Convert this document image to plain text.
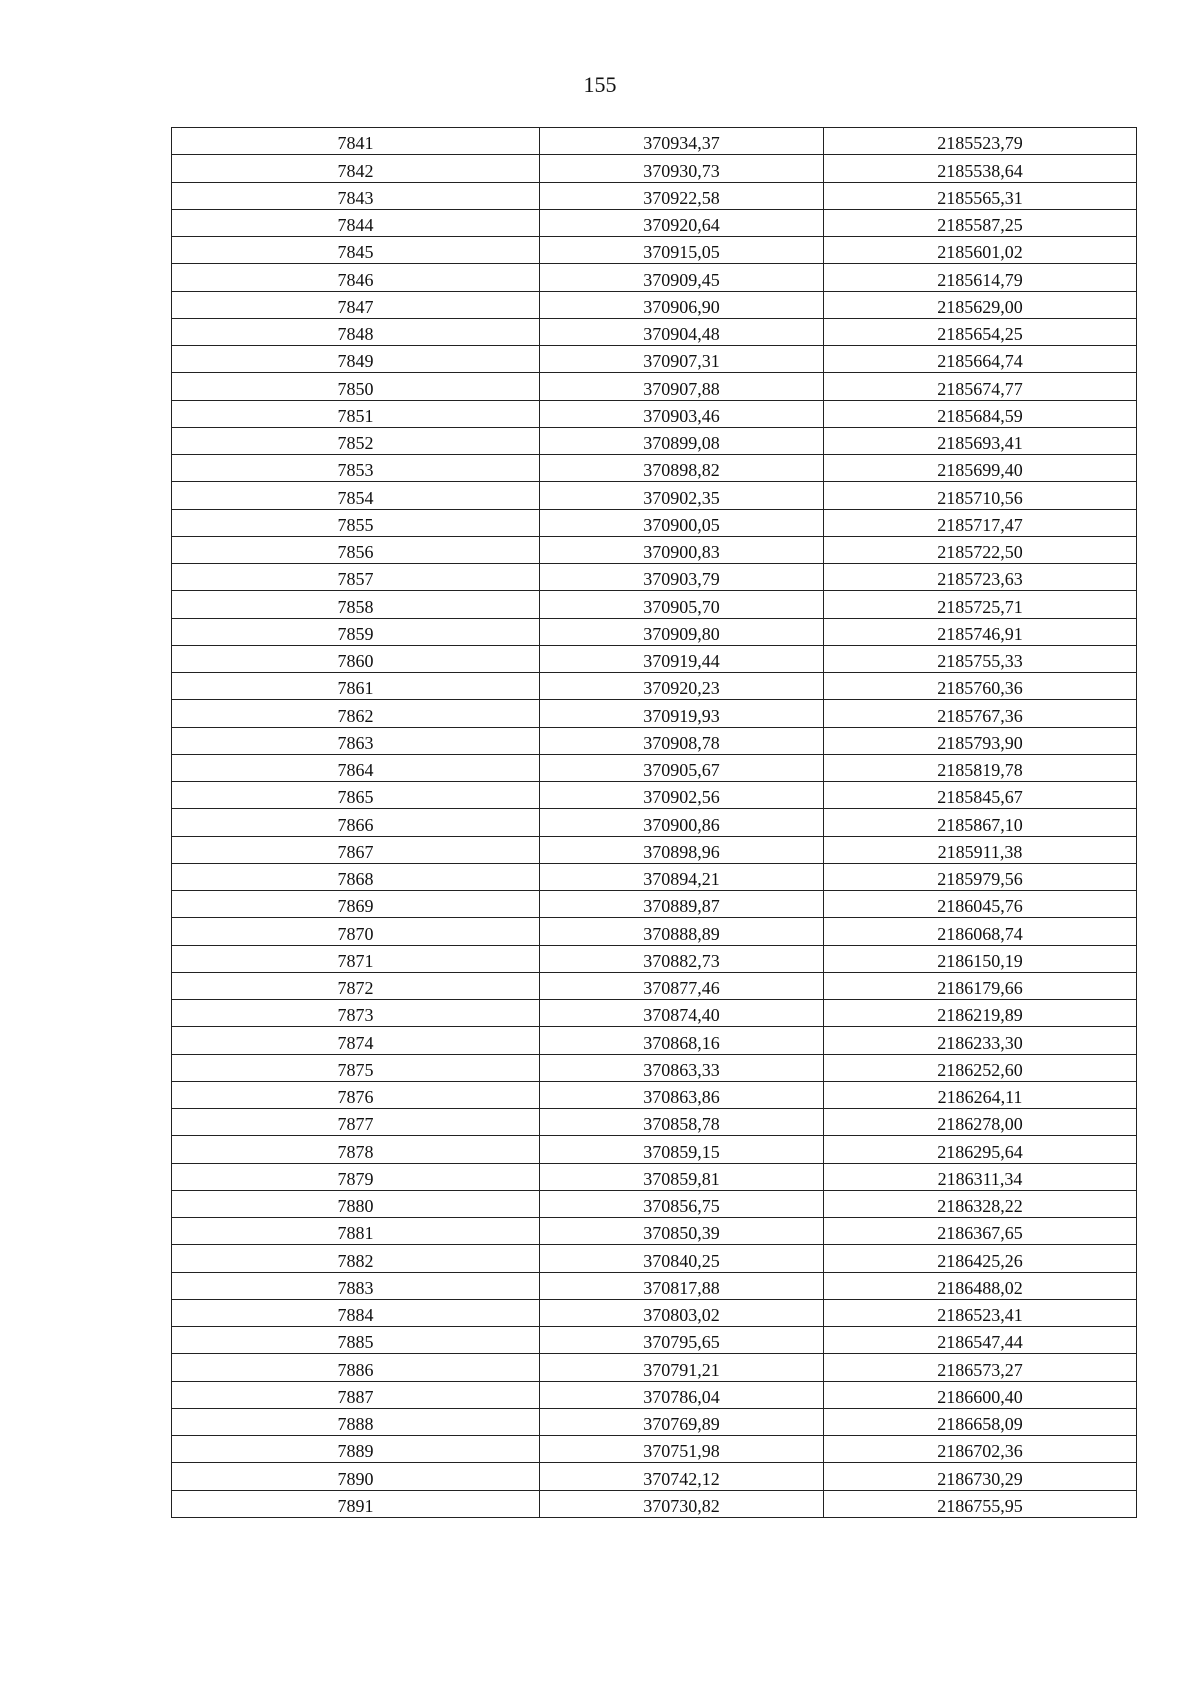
155
7841	370934,37	2185523,79
7842	370930,73	2185538,64
7843	370922,58	2185565,31
7844	370920,64	2185587,25
7845	370915,05	2185601,02
7846	370909,45	2185614,79
7847	370906,90	2185629,00
7848	370904,48	2185654,25
7849	370907,31	2185664,74
7850	370907,88	2185674,77
7851	370903,46	2185684,59
7852	370899,08	2185693,41
7853	370898,82	2185699,40
7854	370902,35	2185710,56
7855	370900,05	2185717,47
7856	370900,83	2185722,50
7857	370903,79	2185723,63
7858	370905,70	2185725,71
7859	370909,80	2185746,91
7860	370919,44	2185755,33
7861	370920,23	2185760,36
7862	370919,93	2185767,36
7863	370908,78	2185793,90
7864	370905,67	2185819,78
7865	370902,56	2185845,67
7866	370900,86	2185867,10
7867	370898,96	2185911,38
7868	370894,21	2185979,56
7869	370889,87	2186045,76
7870	370888,89	2186068,74
7871	370882,73	2186150,19
7872	370877,46	2186179,66
7873	370874,40	2186219,89
7874	370868,16	2186233,30
7875	370863,33	2186252,60
7876	370863,86	2186264,11
7877	370858,78	2186278,00
7878	370859,15	2186295,64
7879	370859,81	2186311,34
7880	370856,75	2186328,22
7881	370850,39	2186367,65
7882	370840,25	2186425,26
7883	370817,88	2186488,02
7884	370803,02	2186523,41
7885	370795,65	2186547,44
7886	370791,21	2186573,27
7887	370786,04	2186600,40
7888	370769,89	2186658,09
7889	370751,98	2186702,36
7890	370742,12	2186730,29
7891	370730,82	2186755,95
